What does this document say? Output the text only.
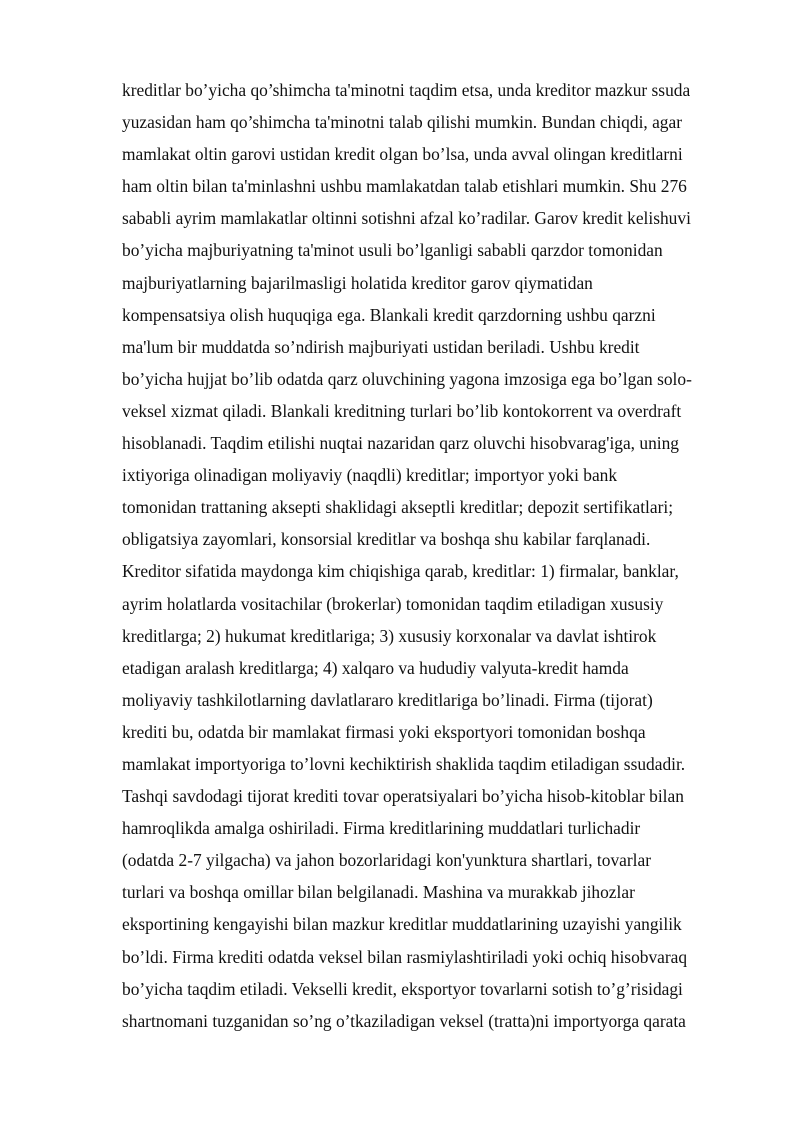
kreditlar bo’yicha qo’shimcha ta'minotni taqdim etsa, unda kreditor mazkur ssuda
yuzasidan ham qo’shimcha ta'minotni talab qilishi mumkin. Bundan chiqdi, agar
mamlakat oltin garovi ustidan kredit olgan bo’lsa, unda avval olingan kreditlarni
ham oltin bilan ta'minlashni ushbu mamlakatdan talab etishlari mumkin. Shu 276
sababli ayrim mamlakatlar oltinni sotishni afzal ko’radilar. Garov kredit kelishuvi
bo’yicha majburiyatning ta'minot usuli bo’lganligi sababli qarzdor tomonidan
majburiyatlarning bajarilmasligi holatida kreditor garov qiymatidan
kompensatsiya olish huquqiga ega. Blankali kredit qarzdorning ushbu qarzni
ma'lum bir muddatda so’ndirish majburiyati ustidan beriladi. Ushbu kredit
bo’yicha hujjat bo’lib odatda qarz oluvchining yagona imzosiga ega bo’lgan solo-
veksel xizmat qiladi. Blankali kreditning turlari bo’lib kontokorrent va overdraft
hisoblanadi. Taqdim etilishi nuqtai nazaridan qarz oluvchi hisobvarag'iga, uning
ixtiyoriga olinadigan moliyaviy (naqdli) kreditlar; importyor yoki bank
tomonidan trattaning aksepti shaklidagi akseptli kreditlar; depozit sertifikatlari;
obligatsiya zayomlari, konsorsial kreditlar va boshqa shu kabilar farqlanadi.
Kreditor sifatida maydonga kim chiqishiga qarab, kreditlar: 1) firmalar, banklar,
ayrim holatlarda vositachilar (brokerlar) tomonidan taqdim etiladigan xususiy
kreditlarga; 2) hukumat kreditlariga; 3) xususiy korxonalar va davlat ishtirok
etadigan aralash kreditlarga; 4) xalqaro va hududiy valyuta-kredit hamda
moliyaviy tashkilotlarning davlatlararo kreditlariga bo’linadi. Firma (tijorat)
krediti bu, odatda bir mamlakat firmasi yoki eksportyori tomonidan boshqa
mamlakat importyoriga to’lovni kechiktirish shaklida taqdim etiladigan ssudadir.
Tashqi savdodagi tijorat krediti tovar operatsiyalari bo’yicha hisob-kitoblar bilan
hamroqlikda amalga oshiriladi. Firma kreditlarining muddatlari turlichadir
(odatda 2-7 yilgacha) va jahon bozorlaridagi kon'yunktura shartlari, tovarlar
turlari va boshqa omillar bilan belgilanadi. Mashina va murakkab jihozlar
eksportining kengayishi bilan mazkur kreditlar muddatlarining uzayishi yangilik
bo’ldi. Firma krediti odatda veksel bilan rasmiylashtiriladi yoki ochiq hisobvaraq
bo’yicha taqdim etiladi. Vekselli kredit, eksportyor tovarlarni sotish to’g’risidagi
shartnomani tuzganidan so’ng o’tkaziladigan veksel (tratta)ni importyorga qarata
